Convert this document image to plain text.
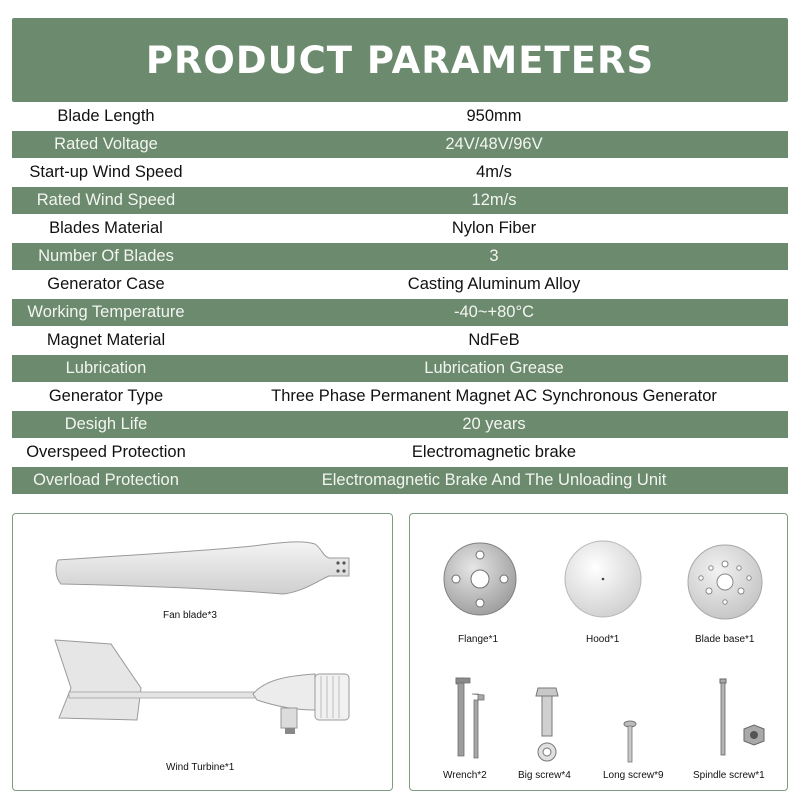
PRODUCT PARAMETERS
Blade Length	950mm
Rated Voltage	24V/48V/96V
Start-up Wind Speed	4m/s
Rated Wind Speed	12m/s
Blades Material	Nylon Fiber
Number Of Blades	3
Generator Case	Casting Aluminum Alloy
Working Temperature	-40~+80°C
Magnet Material	NdFeB
Lubrication	Lubrication Grease
Generator Type	Three Phase Permanent Magnet AC Synchronous Generator
Desigh Life	20 years
Overspeed Protection	Electromagnetic brake
Overload Protection	Electromagnetic Brake And The Unloading Unit
Fan blade*3
Wind Turbine*1
Flange*1	Hood*1	Blade base*1
Wrench*2	Big screw*4	Long screw*9	Spindle screw*1
